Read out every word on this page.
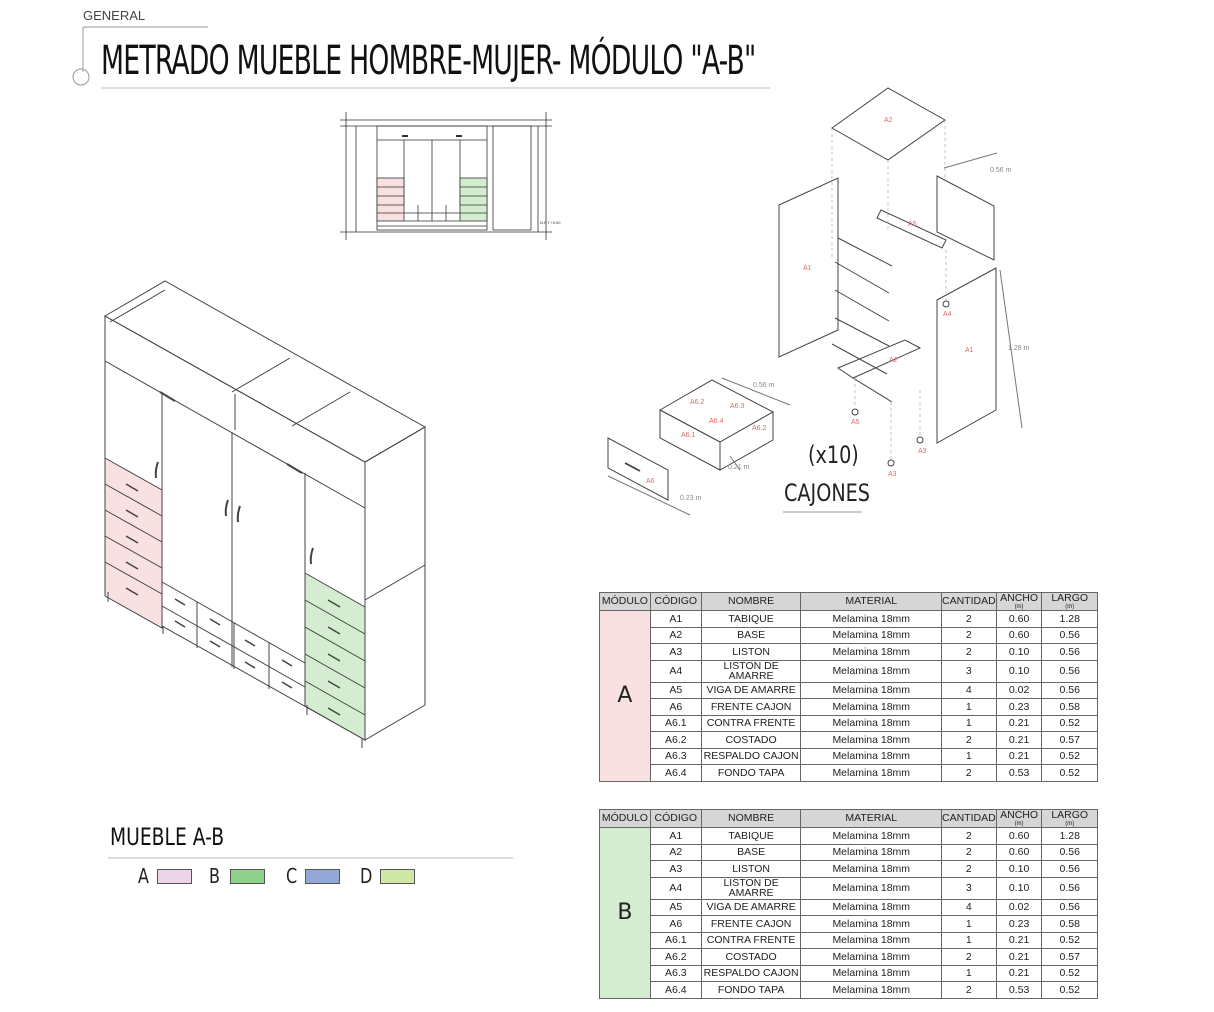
GENERAL
METRADO MUEBLE HOMBRE-MUJER- MÓDULO "A-B"
N.P.T.+0.00
A2
A1
A1
A5
A2
A4
A5
A3
A3
A6
A6.1
A6.2
A6.2
A6.3
A6.4
0.56 m
1.28 m
0.56 m
0.21 m
0.23 m
(x10)
CAJONES
MUEBLE A-B
A	B	C	D
MÓDULO	CÓDIGO	NOMBRE	MATERIAL	CANTIDAD	ANCHO
(m)	LARGO
(m)

A	A1	TABIQUE	Melamina 18mm	2	0.60	1.28
	A2	BASE	Melamina 18mm	2	0.60	0.56
	A3	LISTON	Melamina 18mm	2	0.10	0.56
	A4	LISTON DE AMARRE	Melamina 18mm	3	0.10	0.56
	A5	VIGA DE AMARRE	Melamina 18mm	4	0.02	0.56
	A6	FRENTE CAJON	Melamina 18mm	1	0.23	0.58
	A6.1	CONTRA FRENTE	Melamina 18mm	1	0.21	0.52
	A6.2	COSTADO	Melamina 18mm	2	0.21	0.57
	A6.3	RESPALDO CAJON	Melamina 18mm	1	0.21	0.52
	A6.4	FONDO TAPA	Melamina 18mm	2	0.53	0.52
MÓDULO	CÓDIGO	NOMBRE	MATERIAL	CANTIDAD	ANCHO
(m)	LARGO
(m)

B	A1	TABIQUE	Melamina 18mm	2	0.60	1.28
	A2	BASE	Melamina 18mm	2	0.60	0.56
	A3	LISTON	Melamina 18mm	2	0.10	0.56
	A4	LISTON DE AMARRE	Melamina 18mm	3	0.10	0.56
	A5	VIGA DE AMARRE	Melamina 18mm	4	0.02	0.56
	A6	FRENTE CAJON	Melamina 18mm	1	0.23	0.58
	A6.1	CONTRA FRENTE	Melamina 18mm	1	0.21	0.52
	A6.2	COSTADO	Melamina 18mm	2	0.21	0.57
	A6.3	RESPALDO CAJON	Melamina 18mm	1	0.21	0.52
	A6.4	FONDO TAPA	Melamina 18mm	2	0.53	0.52
